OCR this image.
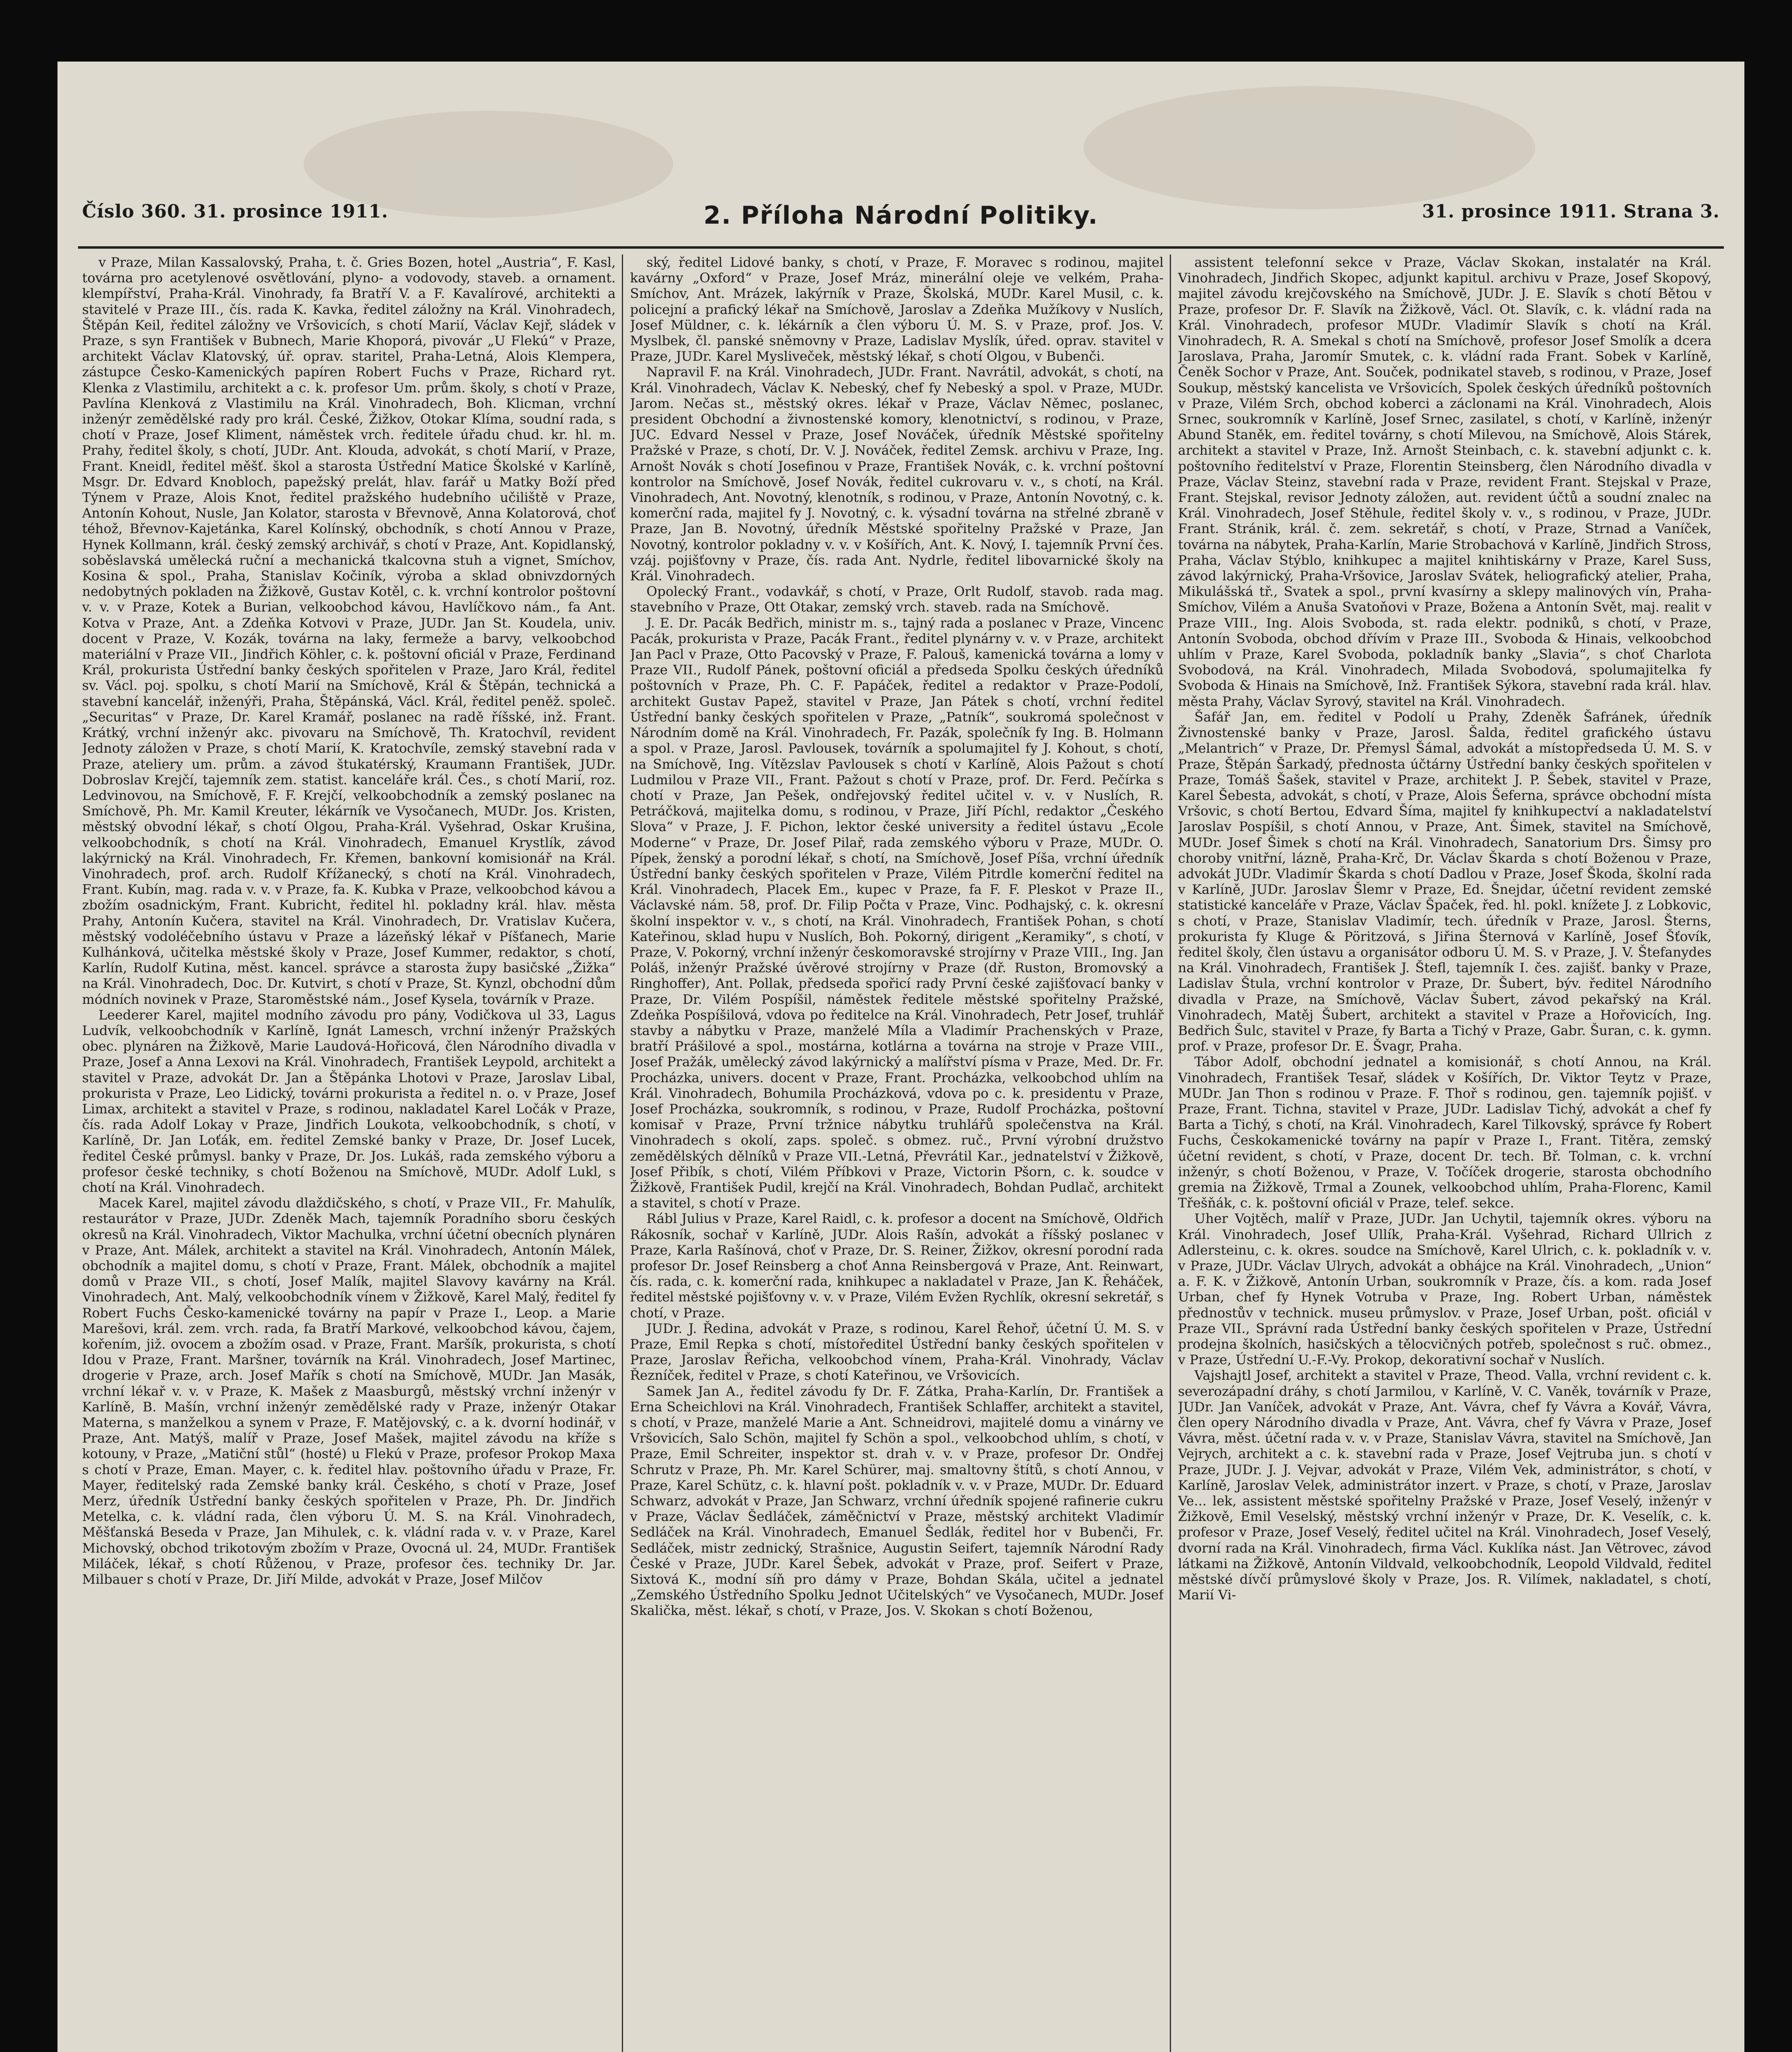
Číslo 360. 31. prosince 1911.	2. Příloha Národní Politiky.	31. prosince 1911. Strana 3.

v Praze, Milan Kassalovský, Praha, t. č. Gries Bozen, hotel „Austria“, F. Kasl, továrna pro acetylenové osvětlování, plyno- a vodovody, staveb. a ornament. klempířství, Praha-Král. Vinohrady, fa Bratří V. a F. Kavalírové, architekti a stavitelé v Praze III., čís. rada K. Kavka, ředitel záložny na Král. Vinohradech, Štěpán Keil, ředitel záložny ve Vršovicích, s chotí Marií, Václav Kejř, sládek v Praze, s syn František v Bubnech, Marie Khoporá, pivovár „U Flekú“ v Praze, architekt Václav Klatovský, úř. oprav. staritel, Praha-Letná, Alois Klempera, zástupce Česko-Kamenických papíren Robert Fuchs v Praze, Richard ryt. Klenka z Vlastimilu, architekt a c. k. profesor Um. prům. školy, s chotí v Praze, Pavlína Klenková z Vlastimilu na Král. Vinohradech, Boh. Klicman, vrchní inženýr zemědělské rady pro král. České, Žižkov, Otokar Klíma, soudní rada, s chotí v Praze, Josef Kliment, náměstek vrch. ředitele úřadu chud. kr. hl. m. Prahy, ředitel školy, s chotí, JUDr. Ant. Klouda, advokát, s chotí Marií, v Praze, Frant. Kneidl, ředitel měšť. škol a starosta Ústřední Matice Školské v Karlíně, Msgr. Dr. Edvard Knobloch, papežský prelát, hlav. farář u Matky Boží před Týnem v Praze, Alois Knot, ředitel pražského hudebního učiliště v Praze, Antonín Kohout, Nusle, Jan Kolator, starosta v Břevnově, Anna Kolatorová, choť téhož, Břevnov-Kajetánka, Karel Kolínský, obchodník, s chotí Annou v Praze, Hynek Kollmann, král. český zemský archivář, s chotí v Praze, Ant. Kopidlanský, soběslavská umělecká ruční a mechanická tkalcovna stuh a vignet, Smíchov, Kosina & spol., Praha, Stanislav Kočiník, výroba a sklad obnivzdorných nedobytných pokladen na Žižkově, Gustav Kotěl, c. k. vrchní kontrolor poštovní v. v. v Praze, Kotek a Burian, velkoobchod kávou, Havlíčkovo nám., fa Ant. Kotva v Praze, Ant. a Zdeňka Kotvovi v Praze, JUDr. Jan St. Koudela, univ. docent v Praze, V. Kozák, továrna na laky, fermeže a barvy, velkoobchod materiální v Praze VII., Jindřich Köhler, c. k. poštovní oficiál v Praze, Ferdinand Král, prokurista Ústřední banky českých spořitelen v Praze, Jaro Král, ředitel sv. Václ. poj. spolku, s chotí Marií na Smíchově, Král & Štěpán, technická a stavební kancelář, inženýři, Praha, Štěpánská, Václ. Král, ředitel peněž. společ. „Securitas“ v Praze, Dr. Karel Kramář, poslanec na radě říšské, inž. Frant. Krátký, vrchní inženýr akc. pivovaru na Smíchově, Th. Kratochvíl, revident Jednoty záložen v Praze, s chotí Marií, K. Kratochvíle, zemský stavební rada v Praze, ateliery um. prům. a závod štukatérský, Kraumann František, JUDr. Dobroslav Krejčí, tajemník zem. statist. kanceláře král. Čes., s chotí Marií, roz. Ledvinovou, na Smíchově, F. F. Krejčí, velkoobchodník a zemský poslanec na Smíchově, Ph. Mr. Kamil Kreuter, lékárník ve Vysočanech, MUDr. Jos. Kristen, městský obvodní lékař, s chotí Olgou, Praha-Král. Vyšehrad, Oskar Krušina, velkoobchodník, s chotí na Král. Vinohradech, Emanuel Krystlík, závod lakýrnický na Král. Vinohradech, Fr. Křemen, bankovní komisionář na Král. Vinohradech, prof. arch. Rudolf Křížanecký, s chotí na Král. Vinohradech, Frant. Kubín, mag. rada v. v. v Praze, fa. K. Kubka v Praze, velkoobchod kávou a zbožím osadnickým, Frant. Kubricht, ředitel hl. pokladny král. hlav. města Prahy, Antonín Kučera, stavitel na Král. Vinohradech, Dr. Vratislav Kučera, městský vodoléčebního ústavu v Praze a lázeňský lékař v Píšťanech, Marie Kulhánková, učitelka městské školy v Praze, Josef Kummer, redaktor, s chotí, Karlín, Rudolf Kutina, měst. kancel. správce a starosta župy basičské „Žižka“ na Král. Vinohradech, Doc. Dr. Kutvirt, s chotí v Praze, St. Kynzl, obchodní dům módních novinek v Praze, Staroměstské nám., Josef Kysela, továrník v Praze.

Leederer Karel, majitel modního závodu pro pány, Vodičkova ul 33, Lagus Ludvík, velkoobchodník v Karlíně, Ignát Lamesch, vrchní inženýr Pražských obec. plynáren na Žižkově, Marie Laudová-Hořicová, člen Národního divadla v Praze, Josef a Anna Lexovi na Král. Vinohradech, František Leypold, architekt a stavitel v Praze, advokát Dr. Jan a Štěpánka Lhotovi v Praze, Jaroslav Libal, prokurista v Praze, Leo Lidický, továrni prokurista a ředitel n. o. v Praze, Josef Limax, architekt a stavitel v Praze, s rodinou, nakladatel Karel Ločák v Praze, čís. rada Adolf Lokay v Praze, Jindřich Loukota, velkoobchodník, s chotí, v Karlíně, Dr. Jan Loťák, em. ředitel Zemské banky v Praze, Dr. Josef Lucek, ředitel České průmysl. banky v Praze, Dr. Jos. Lukáš, rada zemského výboru a profesor české techniky, s chotí Boženou na Smíchově, MUDr. Adolf Lukl, s chotí na Král. Vinohradech.

Macek Karel, majitel závodu dlaždičského, s chotí, v Praze VII., Fr. Mahulík, restaurátor v Praze, JUDr. Zdeněk Mach, tajemník Poradního sboru českých okresů na Král. Vinohradech, Viktor Machulka, vrchní účetní obecních plynáren v Praze, Ant. Málek, architekt a stavitel na Král. Vinohradech, Antonín Málek, obchodník a majitel domu, s chotí v Praze, Frant. Málek, obchodník a majitel domů v Praze VII., s chotí, Josef Malík, majitel Slavovy kavárny na Král. Vinohradech, Ant. Malý, velkoobchodník vínem v Žižkově, Karel Malý, ředitel fy Robert Fuchs Česko-kamenické továrny na papír v Praze I., Leop. a Marie Marešovi, král. zem. vrch. rada, fa Bratří Markové, velkoobchod kávou, čajem, kořením, již. ovocem a zbožím osad. v Praze, Frant. Maršík, prokurista, s chotí Idou v Praze, Frant. Maršner, továrník na Král. Vinohradech, Josef Martinec, drogerie v Praze, arch. Josef Mařík s chotí na Smíchově, MUDr. Jan Masák, vrchní lékař v. v. v Praze, K. Mašek z Maasburgů, městský vrchní inženýr v Karlíně, B. Mašín, vrchní inženýr zemědělské rady v Praze, inženýr Otakar Materna, s manželkou a synem v Praze, F. Matějovský, c. a k. dvorní hodinář, v Praze, Ant. Matýš, malíř v Praze, Josef Mašek, majitel závodu na kříže s kotouny, v Praze, „Matiční stůl“ (hosté) u Flekú v Praze, profesor Prokop Maxa s chotí v Praze, Eman. Mayer, c. k. ředitel hlav. poštovního úřadu v Praze, Fr. Mayer, ředitelský rada Zemské banky král. Českého, s chotí v Praze, Josef Merz, úředník Ústřední banky českých spořitelen v Praze, Ph. Dr. Jindřich Metelka, c. k. vládní rada, člen výboru Ú. M. S. na Král. Vinohradech, Měšťanská Beseda v Praze, Jan Mihulek, c. k. vládní rada v. v. v Praze, Karel Michovský, obchod trikotovým zbožím v Praze, Ovocná ul. 24, MUDr. František Miláček, lékař, s chotí Růženou, v Praze, profesor čes. techniky Dr. Jar. Milbauer s chotí v Praze, Dr. Jiří Milde, advokát v Praze, Josef Milčov

ský, ředitel Lidové banky, s chotí, v Praze, F. Moravec s rodinou, majitel kavárny „Oxford“ v Praze, Josef Mráz, minerální oleje ve velkém, Praha-Smíchov, Ant. Mrázek, lakýrník v Praze, Školská, MUDr. Karel Musil, c. k. policejní a prafický lékař na Smíchově, Jaroslav a Zdeňka Mužíkovy v Nuslích, Josef Müldner, c. k. lékárník a člen výboru Ú. M. S. v Praze, prof. Jos. V. Myslbek, čl. panské sněmovny v Praze, Ladislav Myslík, úřed. oprav. stavitel v Praze, JUDr. Karel Mysliveček, městský lékař, s chotí Olgou, v Bubenči.

Napravil F. na Král. Vinohradech, JUDr. Frant. Navrátil, advokát, s chotí, na Král. Vinohradech, Václav K. Nebeský, chef fy Nebeský a spol. v Praze, MUDr. Jarom. Nečas st., městský okres. lékař v Praze, Václav Němec, poslanec, president Obchodní a živnostenské komory, klenotnictví, s rodinou, v Praze, JUC. Edvard Nessel v Praze, Josef Nováček, úředník Městské spořitelny Pražské v Praze, s chotí, Dr. V. J. Nováček, ředitel Zemsk. archivu v Praze, Ing. Arnošt Novák s chotí Josefinou v Praze, František Novák, c. k. vrchní poštovní kontrolor na Smíchově, Josef Novák, ředitel cukrovaru v. v., s chotí, na Král. Vinohradech, Ant. Novotný, klenotník, s rodinou, v Praze, Antonín Novotný, c. k. komerční rada, majitel fy J. Novotný, c. k. výsadní továrna na střelné zbraně v Praze, Jan B. Novotný, úředník Městské spořitelny Pražské v Praze, Jan Novotný, kontrolor pokladny v. v. v Košířích, Ant. K. Nový, I. tajemník První čes. vzáj. pojišťovny v Praze, čís. rada Ant. Nydrle, ředitel libovarnické školy na Král. Vinohradech.

Opolecký Frant., vodavkář, s chotí, v Praze, Orlt Rudolf, stavob. rada mag. stavebního v Praze, Ott Otakar, zemský vrch. staveb. rada na Smíchově.

J. E. Dr. Pacák Bedřich, ministr m. s., tajný rada a poslanec v Praze, Vincenc Pacák, prokurista v Praze, Pacák Frant., ředitel plynárny v. v. v Praze, architekt Jan Pacl v Praze, Otto Pacovský v Praze, F. Palouš, kamenická továrna a lomy v Praze VII., Rudolf Pánek, poštovní oficiál a předseda Spolku českých úředníků poštovních v Praze, Ph. C. F. Papáček, ředitel a redaktor v Praze-Podolí, architekt Gustav Papež, stavitel v Praze, Jan Pátek s chotí, vrchní ředitel Ústřední banky českých spořitelen v Praze, „Patník“, soukromá společnost v Národním domě na Král. Vinohradech, Fr. Pazák, společník fy Ing. B. Holmann a spol. v Praze, Jarosl. Pavlousek, továrník a spolumajitel fy J. Kohout, s chotí, na Smíchově, Ing. Vítězslav Pavlousek s chotí v Karlíně, Alois Pažout s chotí Ludmilou v Praze VII., Frant. Pažout s chotí v Praze, prof. Dr. Ferd. Pečírka s chotí v Praze, Jan Pešek, ondřejovský ředitel učitel v. v. v Nuslích, R. Petráčková, majitelka domu, s rodinou, v Praze, Jiří Píchl, redaktor „Českého Slova“ v Praze, J. F. Pichon, lektor české university a ředitel ústavu „Ecole Moderne“ v Praze, Dr. Josef Pilař, rada zemského výboru v Praze, MUDr. O. Pípek, ženský a porodní lékař, s chotí, na Smíchově, Josef Píša, vrchní úředník Ústřední banky českých spořitelen v Praze, Vilém Pitrdle komerční ředitel na Král. Vinohradech, Placek Em., kupec v Praze, fa F. F. Pleskot v Praze II., Václavské nám. 58, prof. Dr. Filip Počta v Praze, Vinc. Podhajský, c. k. okresní školní inspektor v. v., s chotí, na Král. Vinohradech, František Pohan, s chotí Kateřinou, sklad hupu v Nuslích, Boh. Pokorný, dirigent „Keramiky“, s chotí, v Praze, V. Pokorný, vrchní inženýr českomoravské strojírny v Praze VIII., Ing. Jan Poláš, inženýr Pražské úvěrové strojírny v Praze (dř. Ruston, Bromovský a Ringhoffer), Ant. Pollak, předseda spořicí rady První české zajišťovací banky v Praze, Dr. Vilém Pospíšil, náměstek ředitele městské spořitelny Pražské, Zdeňka Pospíšilová, vdova po ředitelce na Král. Vinohradech, Petr Josef, truhlář stavby a nábytku v Praze, manželé Míla a Vladimír Prachenských v Praze, bratří Prášilové a spol., mostárna, kotlárna a továrna na stroje v Praze VIII., Josef Pražák, umělecký závod lakýrnický a malířství písma v Praze, Med. Dr. Fr. Procházka, univers. docent v Praze, Frant. Procházka, velkoobchod uhlím na Král. Vinohradech, Bohumila Procházková, vdova po c. k. presidentu v Praze, Josef Procházka, soukromník, s rodinou, v Praze, Rudolf Procházka, poštovní komisař v Praze, První tržnice nábytku truhlářů společenstva na Král. Vinohradech s okolí, zaps. společ. s obmez. ruč., První výrobní družstvo zemědělských dělníků v Praze VII.-Letná, Převrátil Kar., jednatelství v Žižkově, Josef Přibík, s chotí, Vilém Příbkovi v Praze, Victorin Pšorn, c. k. soudce v Žižkově, František Pudil, krejčí na Král. Vinohradech, Bohdan Pudlač, architekt a stavitel, s chotí v Praze.

Rábl Julius v Praze, Karel Raidl, c. k. profesor a docent na Smíchově, Oldřich Rákosník, sochař v Karlíně, JUDr. Alois Rašín, advokát a říšský poslanec v Praze, Karla Rašínová, choť v Praze, Dr. S. Reiner, Žižkov, okresní porodní rada profesor Dr. Josef Reinsberg a choť Anna Reinsbergová v Praze, Ant. Reinwart, čís. rada, c. k. komerční rada, knihkupec a nakladatel v Praze, Jan K. Řeháček, ředitel městské pojišťovny v. v. v Praze, Vilém Evžen Rychlík, okresní sekretář, s chotí, v Praze.

JUDr. J. Ředina, advokát v Praze, s rodinou, Karel Řehoř, účetní Ú. M. S. v Praze, Emil Repka s chotí, místoředitel Ústřední banky českých spořitelen v Praze, Jaroslav Řeřicha, velkoobchod vínem, Praha-Král. Vinohrady, Václav Řezníček, ředitel v Praze, s chotí Kateřinou, ve Vršovicích.

Samek Jan A., ředitel závodu fy Dr. F. Zátka, Praha-Karlín, Dr. František a Erna Scheichlovi na Král. Vinohradech, František Schlaffer, architekt a stavitel, s chotí, v Praze, manželé Marie a Ant. Schneidrovi, majitelé domu a vinárny ve Vršovicích, Salo Schön, majitel fy Schön a spol., velkoobchod uhlím, s chotí, v Praze, Emil Schreiter, inspektor st. drah v. v. v Praze, profesor Dr. Ondřej Schrutz v Praze, Ph. Mr. Karel Schürer, maj. smaltovny štítů, s chotí Annou, v Praze, Karel Schütz, c. k. hlavní pošt. pokladník v. v. v Praze, MUDr. Dr. Eduard Schwarz, advokát v Praze, Jan Schwarz, vrchní úředník spojené rafinerie cukru v Praze, Václav Šedláček, záměčnictví v Praze, městský architekt Vladimír Sedláček na Král. Vinohradech, Emanuel Šedlák, ředitel hor v Bubenči, Fr. Sedláček, mistr zednický, Strašnice, Augustin Seifert, tajemník Národní Rady České v Praze, JUDr. Karel Šebek, advokát v Praze, prof. Seifert v Praze, Sixtová K., modní síň pro dámy v Praze, Bohdan Skála, učitel a jednatel „Zemského Ústředního Spolku Jednot Učitelských“ ve Vysočanech, MUDr. Josef Skalička, měst. lékař, s chotí, v Praze, Jos. V. Skokan s chotí Boženou,

assistent telefonní sekce v Praze, Václav Skokan, instalatér na Král. Vinohradech, Jindřich Skopec, adjunkt kapitul. archivu v Praze, Josef Skopový, majitel závodu krejčovského na Smíchově, JUDr. J. E. Slavík s chotí Bětou v Praze, profesor Dr. F. Slavík na Žižkově, Václ. Ot. Slavík, c. k. vládní rada na Král. Vinohradech, profesor MUDr. Vladimír Slavík s chotí na Král. Vinohradech, R. A. Smekal s chotí na Smíchově, profesor Josef Smolík a dcera Jaroslava, Praha, Jaromír Smutek, c. k. vládní rada Frant. Sobek v Karlíně, Čeněk Sochor v Praze, Ant. Souček, podnikatel staveb, s rodinou, v Praze, Josef Soukup, městský kancelista ve Vršovicích, Spolek českých úředníků poštovních v Praze, Vilém Srch, obchod koberci a záclonami na Král. Vinohradech, Alois Srnec, soukromník v Karlíně, Josef Srnec, zasilatel, s chotí, v Karlíně, inženýr Abund Staněk, em. ředitel továrny, s chotí Milevou, na Smíchově, Alois Stárek, architekt a stavitel v Praze, Inž. Arnošt Steinbach, c. k. stavební adjunkt c. k. poštovního ředitelství v Praze, Florentin Steinsberg, člen Národního divadla v Praze, Václav Steinz, stavební rada v Praze, revident Frant. Stejskal v Praze, Frant. Stejskal, revisor Jednoty záložen, aut. revident účtů a soudní znalec na Král. Vinohradech, Josef Stěhule, ředitel školy v. v., s rodinou, v Praze, JUDr. Frant. Stránik, král. č. zem. sekretář, s chotí, v Praze, Strnad a Vaníček, továrna na nábytek, Praha-Karlín, Marie Strobachová v Karlíně, Jindřich Stross, Praha, Václav Stýblo, knihkupec a majitel knihtiskárny v Praze, Karel Suss, závod lakýrnický, Praha-Vršovice, Jaroslav Svátek, heliografický atelier, Praha, Mikulášská tř., Svatek a spol., první kvasírny a sklepy malinových vín, Praha-Smíchov, Vilém a Anuša Svatoňovi v Praze, Božena a Antonín Svět, maj. realit v Praze VIII., Ing. Alois Svoboda, st. rada elektr. podniků, s chotí, v Praze, Antonín Svoboda, obchod dřívím v Praze III., Svoboda & Hinais, velkoobchod uhlím v Praze, Karel Svoboda, pokladník banky „Slavia“, s choť Charlota Svobodová, na Král. Vinohradech, Milada Svobodová, spolumajitelka fy Svoboda & Hinais na Smíchově, Inž. František Sýkora, stavební rada král. hlav. města Prahy, Václav Syrový, stavitel na Král. Vinohradech.

Šafář Jan, em. ředitel v Podolí u Prahy, Zdeněk Šafránek, úředník Živnostenské banky v Praze, Jarosl. Šalda, ředitel grafického ústavu „Melantrich“ v Praze, Dr. Přemysl Šámal, advokát a místopředseda Ú. M. S. v Praze, Štěpán Šarkadý, přednosta účtárny Ústřední banky českých spořitelen v Praze, Tomáš Šašek, stavitel v Praze, architekt J. P. Šebek, stavitel v Praze, Karel Šebesta, advokát, s chotí, v Praze, Alois Šeferna, správce obchodní místa Vršovic, s chotí Bertou, Edvard Šíma, majitel fy knihkupectví a nakladatelství Jaroslav Pospíšil, s chotí Annou, v Praze, Ant. Šimek, stavitel na Smíchově, MUDr. Josef Šimek s chotí na Král. Vinohradech, Sanatorium Drs. Šimsy pro choroby vnitřní, lázně, Praha-Krč, Dr. Václav Škarda s chotí Boženou v Praze, advokát JUDr. Vladimír Škarda s chotí Dadlou v Praze, Josef Škoda, školní rada v Karlíně, JUDr. Jaroslav Šlemr v Praze, Ed. Šnejdar, účetní revident zemské statistické kanceláře v Praze, Václav Špaček, řed. hl. pokl. knížete J. z Lobkovic, s chotí, v Praze, Stanislav Vladimír, tech. úředník v Praze, Jarosl. Šterns, prokurista fy Kluge & Pöritzová, s Jiřina Šternová v Karlíně, Josef Šťovík, ředitel školy, člen ústavu a organisátor odboru Ú. M. S. v Praze, J. V. Štefanydes na Král. Vinohradech, František J. Štefl, tajemník I. čes. zajišť. banky v Praze, Ladislav Štula, vrchní kontrolor v Praze, Dr. Šubert, býv. ředitel Národního divadla v Praze, na Smíchově, Václav Šubert, závod pekařský na Král. Vinohradech, Matěj Šubert, architekt a stavitel v Praze a Hořovicích, Ing. Bedřich Šulc, stavitel v Praze, fy Barta a Tichý v Praze, Gabr. Šuran, c. k. gymn. prof. v Praze, profesor Dr. E. Švagr, Praha.

Tábor Adolf, obchodní jednatel a komisionář, s chotí Annou, na Král. Vinohradech, František Tesař, sládek v Košířích, Dr. Viktor Teytz v Praze, MUDr. Jan Thon s rodinou v Praze. F. Thoř s rodinou, gen. tajemník pojišť. v Praze, Frant. Tichna, stavitel v Praze, JUDr. Ladislav Tichý, advokát a chef fy Barta a Tichý, s chotí, na Král. Vinohradech, Karel Tilkovský, správce fy Robert Fuchs, Českokamenické továrny na papír v Praze I., Frant. Titěra, zemský účetní revident, s chotí, v Praze, docent Dr. tech. Bř. Tolman, c. k. vrchní inženýr, s chotí Boženou, v Praze, V. Točíček drogerie, starosta obchodního gremia na Žižkově, Trmal a Zounek, velkoobchod uhlím, Praha-Florenc, Kamil Třešňák, c. k. poštovní oficiál v Praze, telef. sekce.

Uher Vojtěch, malíř v Praze, JUDr. Jan Uchytil, tajemník okres. výboru na Král. Vinohradech, Josef Ullík, Praha-Král. Vyšehrad, Richard Ullrich z Adlersteinu, c. k. okres. soudce na Smíchově, Karel Ulrich, c. k. pokladník v. v. v Praze, JUDr. Václav Ulrych, advokát a obhájce na Král. Vinohradech, „Union“ a. F. K. v Žižkově, Antonín Urban, soukromník v Praze, čís. a kom. rada Josef Urban, chef fy Hynek Votruba v Praze, Ing. Robert Urban, náměstek přednostův v technick. museu průmyslov. v Praze, Josef Urban, pošt. oficiál v Praze VII., Správní rada Ústřední banky českých spořitelen v Praze, Ústřední prodejna školních, hasičských a tělocvičných potřeb, společnost s ruč. obmez., v Praze, Ústřední U.-F.-Vy. Prokop, dekorativní sochař v Nuslích.

Vajshajtl Josef, architekt a stavitel v Praze, Theod. Valla, vrchní revident c. k. severozápadní dráhy, s chotí Jarmilou, v Karlíně, V. C. Vaněk, továrník v Praze, JUDr. Jan Vaníček, advokát v Praze, Ant. Vávra, chef fy Vávra a Kovář, Vávra, člen opery Národního divadla v Praze, Ant. Vávra, chef fy Vávra v Praze, Josef Vávra, měst. účetní rada v. v. v Praze, Stanislav Vávra, stavitel na Smíchově, Jan Vejrych, architekt a c. k. stavební rada v Praze, Josef Vejtruba jun. s chotí v Praze, JUDr. J. J. Vejvar, advokát v Praze, Vilém Vek, administrátor, s chotí, v Karlíně, Jaroslav Velek, administrátor inzert. v Praze, s chotí, v Praze, Jaroslav Ve... lek, assistent městské spořitelny Pražské v Praze, Josef Veselý, inženýr v Žižkově, Emil Veselský, městský vrchní inženýr v Praze, Dr. K. Veselík, c. k. profesor v Praze, Josef Veselý, ředitel učitel na Král. Vinohradech, Josef Veselý, dvorní rada na Král. Vinohradech, firma Václ. Kuklíka nást. Jan Větrovec, závod látkami na Žižkově, Antonín Vildvald, velkoobchodník, Leopold Vildvald, ředitel městské dívčí průmyslové školy v Praze, Jos. R. Vilímek, nakladatel, s chotí, Marií Vi-
